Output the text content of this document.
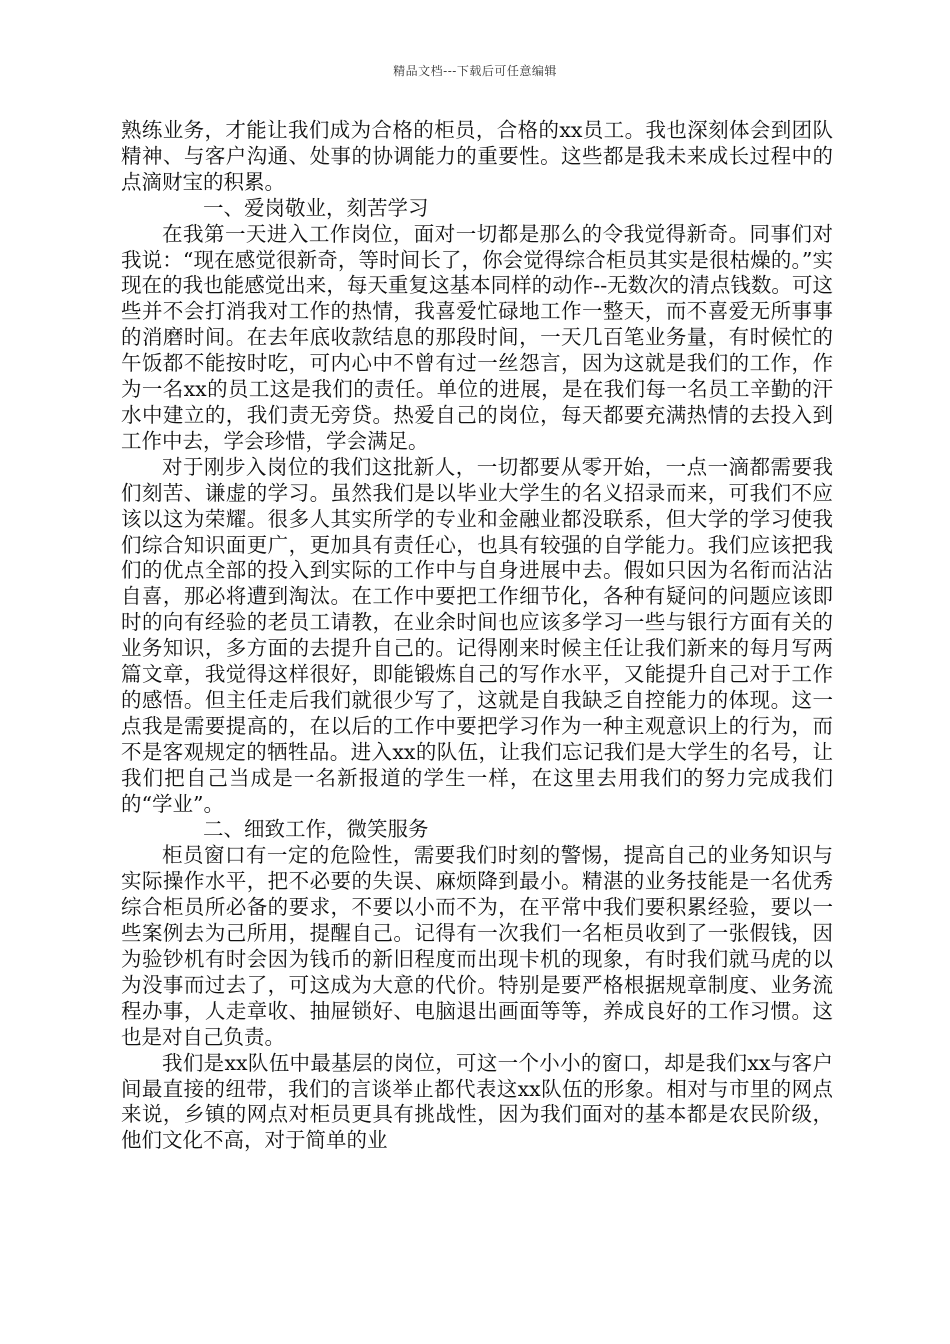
精品文档---下载后可任意编辑

熟练业务，才能让我们成为合格的柜员，合格的xx员工。我也深刻体会到团队精神、与客户沟通、处事的协调能力的重要性。这些都是我未来成长过程中的点滴财宝的积累。

一、爱岗敬业，刻苦学习

在我第一天进入工作岗位，面对一切都是那么的令我觉得新奇。同事们对我说：“现在感觉很新奇，等时间长了，你会觉得综合柜员其实是很枯燥的。”实现在的我也能感觉出来，每天重复这基本同样的动作--无数次的清点钱数。可这些并不会打消我对工作的热情，我喜爱忙碌地工作一整天，而不喜爱无所事事的消磨时间。在去年底收款结息的那段时间，一天几百笔业务量，有时候忙的午饭都不能按时吃，可内心中不曾有过一丝怨言，因为这就是我们的工作，作为一名xx的员工这是我们的责任。单位的进展，是在我们每一名员工辛勤的汗水中建立的，我们责无旁贷。热爱自己的岗位，每天都要充满热情的去投入到工作中去，学会珍惜，学会满足。

对于刚步入岗位的我们这批新人，一切都要从零开始，一点一滴都需要我们刻苦、谦虚的学习。虽然我们是以毕业大学生的名义招录而来，可我们不应该以这为荣耀。很多人其实所学的专业和金融业都没联系，但大学的学习使我们综合知识面更广，更加具有责任心，也具有较强的自学能力。我们应该把我们的优点全部的投入到实际的工作中与自身进展中去。假如只因为名衔而沾沾自喜，那必将遭到淘汰。在工作中要把工作细节化，各种有疑问的问题应该即时的向有经验的老员工请教，在业余时间也应该多学习一些与银行方面有关的业务知识，多方面的去提升自己的。记得刚来时候主任让我们新来的每月写两篇文章，我觉得这样很好，即能锻炼自己的写作水平，又能提升自己对于工作的感悟。但主任走后我们就很少写了，这就是自我缺乏自控能力的体现。这一点我是需要提高的，在以后的工作中要把学习作为一种主观意识上的行为，而不是客观规定的牺牲品。进入xx的队伍，让我们忘记我们是大学生的名号，让我们把自己当成是一名新报道的学生一样，在这里去用我们的努力完成我们的“学业”。

二、细致工作，微笑服务

柜员窗口有一定的危险性，需要我们时刻的警惕，提高自己的业务知识与实际操作水平，把不必要的失误、麻烦降到最小。精湛的业务技能是一名优秀综合柜员所必备的要求，不要以小而不为，在平常中我们要积累经验，要以一些案例去为己所用，提醒自己。记得有一次我们一名柜员收到了一张假钱，因为验钞机有时会因为钱币的新旧程度而出现卡机的现象，有时我们就马虎的以为没事而过去了，可这成为大意的代价。特别是要严格根据规章制度、业务流程办事，人走章收、抽屉锁好、电脑退出画面等等，养成良好的工作习惯。这也是对自己负责。

我们是xx队伍中最基层的岗位，可这一个小小的窗口，却是我们xx与客户间最直接的纽带，我们的言谈举止都代表这xx队伍的形象。相对与市里的网点来说，乡镇的网点对柜员更具有挑战性，因为我们面对的基本都是农民阶级，他们文化不高，对于简单的业
